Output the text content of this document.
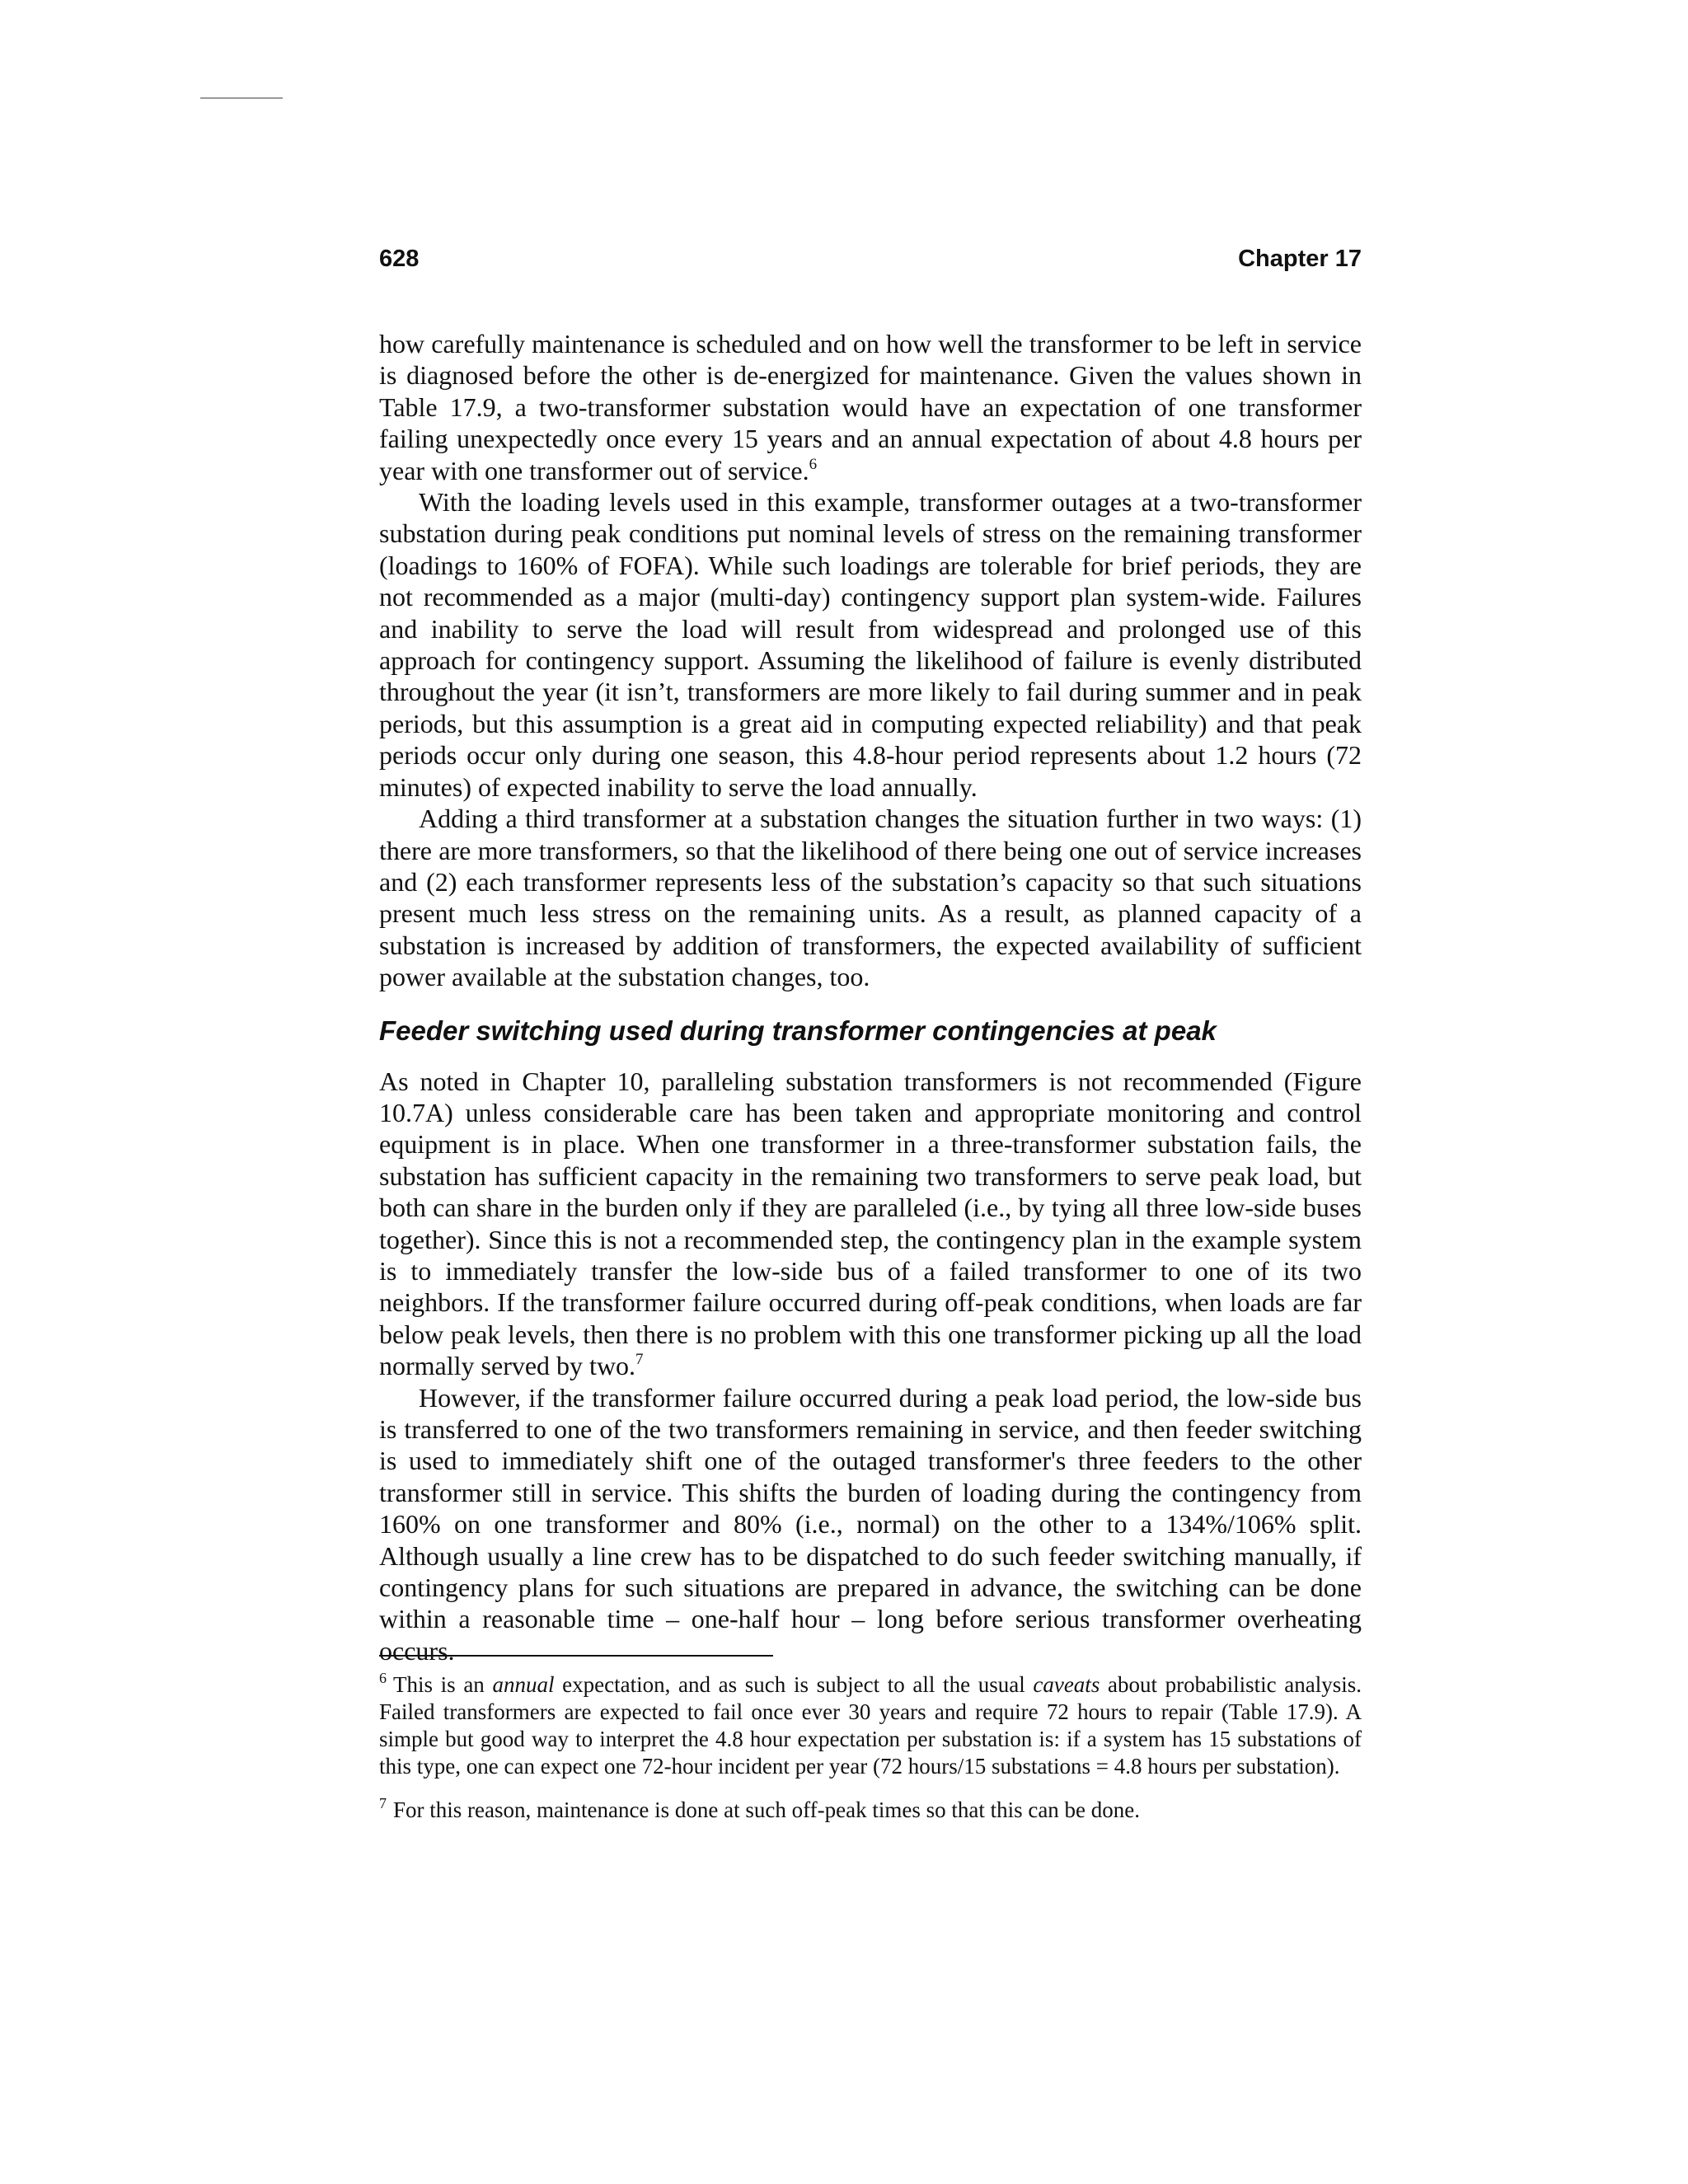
628	Chapter 17

how carefully maintenance is scheduled and on how well the transformer to be left in service is diagnosed before the other is de-energized for maintenance. Given the values shown in Table 17.9, a two-transformer substation would have an expectation of one transformer failing unexpectedly once every 15 years and an annual expectation of about 4.8 hours per year with one transformer out of service.$^6$

With the loading levels used in this example, transformer outages at a two-transformer substation during peak conditions put nominal levels of stress on the remaining transformer (loadings to 160% of FOFA). While such loadings are tolerable for brief periods, they are not recommended as a major (multi-day) contingency support plan system-wide. Failures and inability to serve the load will result from widespread and prolonged use of this approach for contingency support. Assuming the likelihood of failure is evenly distributed throughout the year (it isn’t, transformers are more likely to fail during summer and in peak periods, but this assumption is a great aid in computing expected reliability) and that peak periods occur only during one season, this 4.8-hour period represents about 1.2 hours (72 minutes) of expected inability to serve the load annually.

Adding a third transformer at a substation changes the situation further in two ways: (1) there are more transformers, so that the likelihood of there being one out of service increases and (2) each transformer represents less of the substation’s capacity so that such situations present much less stress on the remaining units. As a result, as planned capacity of a substation is increased by addition of transformers, the expected availability of sufficient power available at the substation changes, too.

Feeder switching used during transformer contingencies at peak

As noted in Chapter 10, paralleling substation transformers is not recommended (Figure 10.7A) unless considerable care has been taken and appropriate monitoring and control equipment is in place. When one transformer in a three-transformer substation fails, the substation has sufficient capacity in the remaining two transformers to serve peak load, but both can share in the burden only if they are paralleled (i.e., by tying all three low-side buses together). Since this is not a recommended step, the contingency plan in the example system is to immediately transfer the low-side bus of a failed transformer to one of its two neighbors. If the transformer failure occurred during off-peak conditions, when loads are far below peak levels, then there is no problem with this one transformer picking up all the load normally served by two.$^7$

However, if the transformer failure occurred during a peak load period, the low-side bus is transferred to one of the two transformers remaining in service, and then feeder switching is used to immediately shift one of the outaged transformer's three feeders to the other transformer still in service. This shifts the burden of loading during the contingency from 160% on one transformer and 80% (i.e., normal) on the other to a 134%/106% split. Although usually a line crew has to be dispatched to do such feeder switching manually, if contingency plans for such situations are prepared in advance, the switching can be done within a reasonable time – one-half hour – long before serious transformer overheating occurs.

$^6$ This is an annual expectation, and as such is subject to all the usual caveats about probabilistic analysis. Failed transformers are expected to fail once ever 30 years and require 72 hours to repair (Table 17.9). A simple but good way to interpret the 4.8 hour expectation per substation is: if a system has 15 substations of this type, one can expect one 72-hour incident per year (72 hours/15 substations = 4.8 hours per substation).

$^7$ For this reason, maintenance is done at such off-peak times so that this can be done.
